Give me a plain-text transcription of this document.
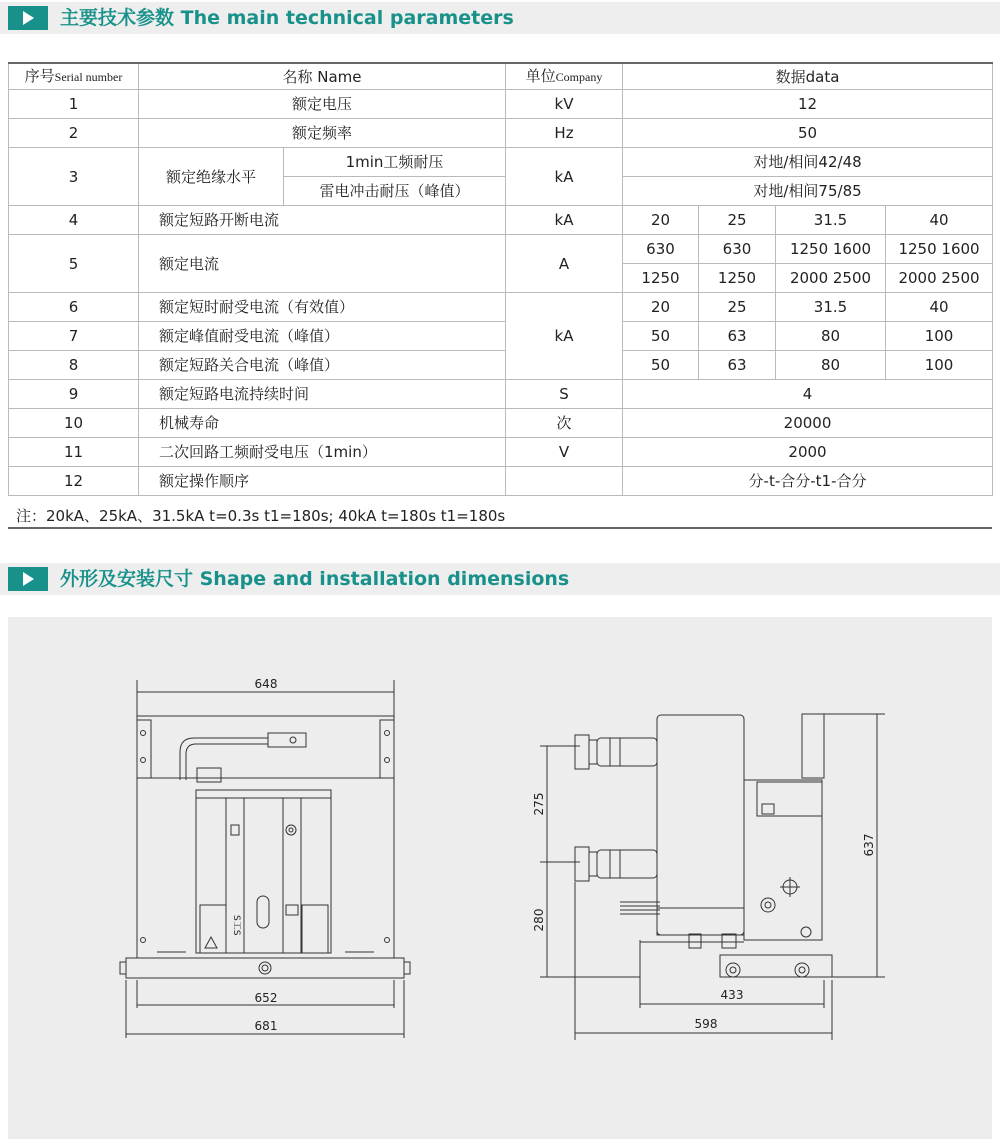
主要技术参数 The main technical parameters
序号Serial number	名称 Name		单位Company	数据data			
1	额定电压		kV	12			
2	额定频率		Hz	50			
3	额定绝缘水平	1min工频耐压	kA	对地/相间42/48			
		雷电冲击耐压（峰值）		对地/相间75/85			
4	额定短路开断电流		kA	20	25	31.5	40
5	额定电流		A	630	630	1250 1600	1250 1600
				1250	1250	2000 2500	2000 2500
6	额定短时耐受电流（有效值）		kA	20	25	31.5	40
7	额定峰值耐受电流（峰值）			50	63	80	100
8	额定短路关合电流（峰值）			50	63	80	100
9	额定短路电流持续时间		S	4			
10	机械寿命		次	20000			
11	二次回路工频耐受电压（1min）		V	2000			
12	额定操作顺序			分-t-合分-t1-合分			
注：20kA、25kA、31.5kA t=0.3s t1=180s; 40kA t=180s t1=180s
外形及安装尺寸 Shape and installation dimensions
648
652
681
S工S
275
280
637
433
598
